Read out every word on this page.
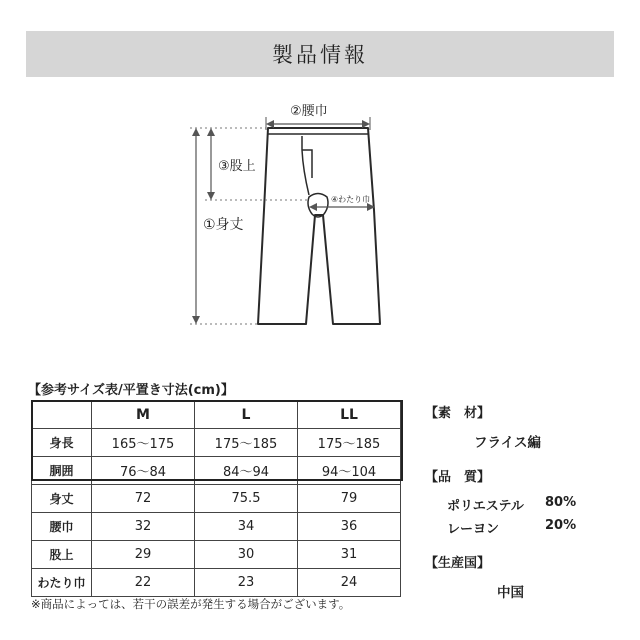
製品情報
②腰巾
③股上
①身丈
④わたり巾
【参考サイズ表/平置き寸法(cm)】
	M	L	LL
身長	165～175	175～185	175～185
胴囲	76～84	84～94	94～104
身丈	72	75.5	79
腰巾	32	34	36
股上	29	30	31
わたり巾	22	23	24
※商品によっては、若干の誤差が発生する場合がございます。
【素　材】
フライス編
【品　質】
ポリエステル 80%
レーヨン	20%
【生産国】
中国
